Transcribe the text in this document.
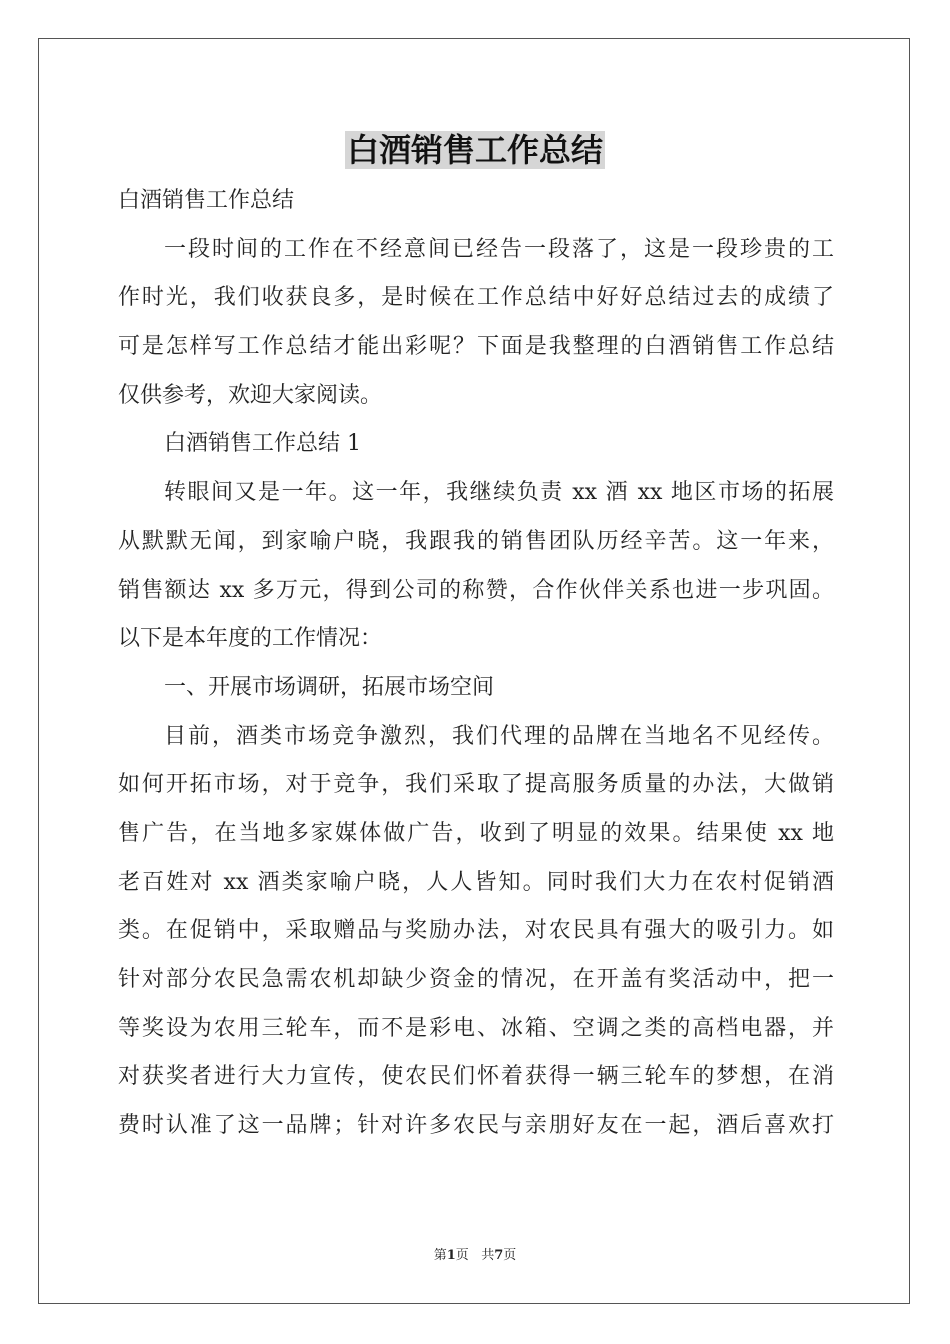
白酒销售工作总结
白酒销售工作总结
一段时间的工作在不经意间已经告一段落了，这是一段珍贵的工
作时光，我们收获良多，是时候在工作总结中好好总结过去的成绩了
可是怎样写工作总结才能出彩呢？下面是我整理的白酒销售工作总结
仅供参考，欢迎大家阅读。
白酒销售工作总结 1
转眼间又是一年。这一年，我继续负责 xx 酒 xx 地区市场的拓展
从默默无闻，到家喻户晓，我跟我的销售团队历经辛苦。这一年来，
销售额达 xx 多万元，得到公司的称赞，合作伙伴关系也进一步巩固。
以下是本年度的工作情况：
一、开展市场调研，拓展市场空间
目前，酒类市场竞争激烈，我们代理的品牌在当地名不见经传。
如何开拓市场，对于竞争，我们采取了提高服务质量的办法，大做销
售广告，在当地多家媒体做广告，收到了明显的效果。结果使 xx 地
老百姓对 xx 酒类家喻户晓，人人皆知。同时我们大力在农村促销酒
类。在促销中，采取赠品与奖励办法，对农民具有强大的吸引力。如
针对部分农民急需农机却缺少资金的情况，在开盖有奖活动中，把一
等奖设为农用三轮车，而不是彩电、冰箱、空调之类的高档电器，并
对获奖者进行大力宣传，使农民们怀着获得一辆三轮车的梦想，在消
费时认准了这一品牌；针对许多农民与亲朋好友在一起，酒后喜欢打
第1页 共7页
